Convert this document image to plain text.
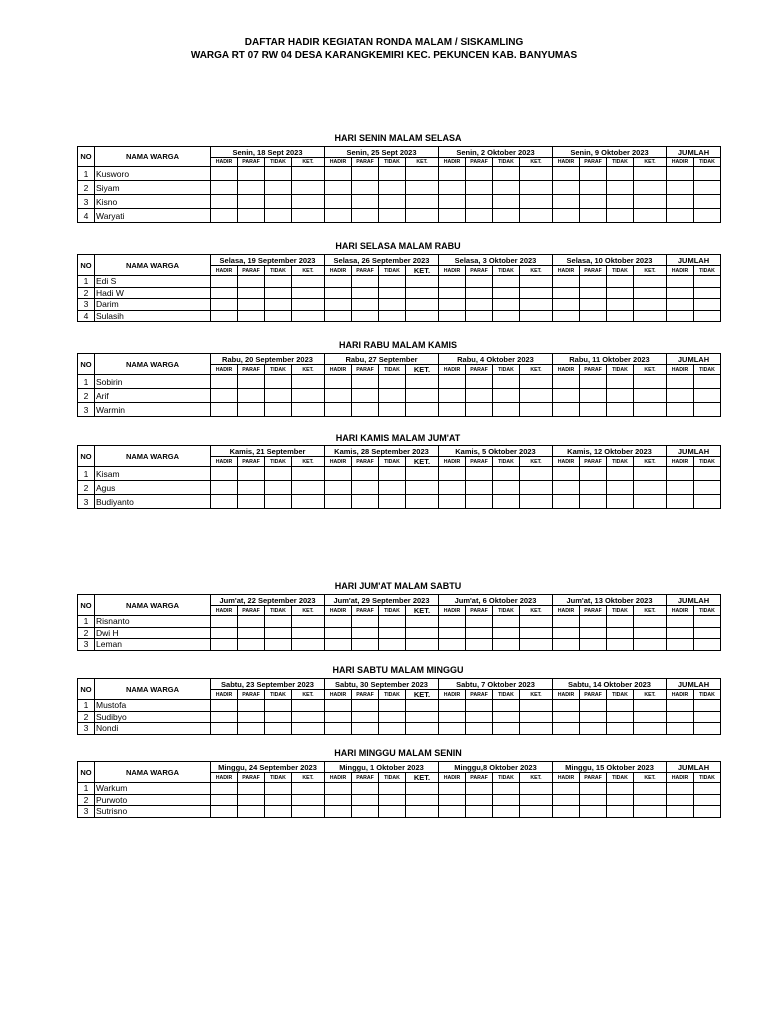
DAFTAR HADIR KEGIATAN RONDA MALAM / SISKAMLING
WARGA RT 07 RW 04 DESA KARANGKEMIRI KEC. PEKUNCEN KAB. BANYUMAS
HARI SENIN MALAM SELASA
NO	NAMA WARGA	Senin, 18 Sept 2023				Senin, 25 Sept 2023				Senin, 2 Oktober 2023				Senin, 9 Oktober 2023				JUMLAH	
		HADIR	PARAF	TIDAK	KET.	HADIR	PARAF	TIDAK	KET.	HADIR	PARAF	TIDAK	KET.	HADIR	PARAF	TIDAK	KET.	HADIR	TIDAK
1	Kusworo																		
2	Siyam																		
3	Kisno																		
4	Waryati																		
HARI SELASA MALAM RABU
NO	NAMA WARGA	Selasa, 19 September 2023				Selasa, 26 September 2023				Selasa, 3 Oktober 2023				Selasa, 10 Oktober 2023				JUMLAH	
		HADIR	PARAF	TIDAK	KET.	HADIR	PARAF	TIDAK	KET.	HADIR	PARAF	TIDAK	KET.	HADIR	PARAF	TIDAK	KET.	HADIR	TIDAK
1	Edi S																		
2	Hadi W																		
3	Darim																		
4	Sulasih																		
HARI RABU MALAM KAMIS
NO	NAMA WARGA	Rabu, 20 September 2023				Rabu, 27 September				Rabu, 4 Oktober 2023				Rabu, 11 Oktober 2023				JUMLAH	
		HADIR	PARAF	TIDAK	KET.	HADIR	PARAF	TIDAK	KET.	HADIR	PARAF	TIDAK	KET.	HADIR	PARAF	TIDAK	KET.	HADIR	TIDAK
1	Sobirin																		
2	Arif																		
3	Warmin																		
HARI KAMIS MALAM JUM'AT
NO	NAMA WARGA	Kamis, 21 September				Kamis, 28 September 2023				Kamis, 5 Oktober 2023				Kamis, 12 Oktober 2023				JUMLAH	
		HADIR	PARAF	TIDAK	KET.	HADIR	PARAF	TIDAK	KET.	HADIR	PARAF	TIDAK	KET.	HADIR	PARAF	TIDAK	KET.	HADIR	TIDAK
1	Kisam																		
2	Agus																		
3	Budiyanto																		
HARI JUM'AT MALAM SABTU
NO	NAMA WARGA	Jum'at, 22 September 2023				Jum'at, 29 September 2023				Jum'at, 6 Oktober 2023				Jum'at, 13 Oktober 2023				JUMLAH	
		HADIR	PARAF	TIDAK	KET.	HADIR	PARAF	TIDAK	KET.	HADIR	PARAF	TIDAK	KET.	HADIR	PARAF	TIDAK	KET.	HADIR	TIDAK
1	Risnanto																		
2	Dwi H																		
3	Leman																		
HARI SABTU MALAM MINGGU
NO	NAMA WARGA	Sabtu, 23 September 2023				Sabtu, 30 September 2023				Sabtu, 7 Oktober 2023				Sabtu, 14 Oktober 2023				JUMLAH	
		HADIR	PARAF	TIDAK	KET.	HADIR	PARAF	TIDAK	KET.	HADIR	PARAF	TIDAK	KET.	HADIR	PARAF	TIDAK	KET.	HADIR	TIDAK
1	Mustofa																		
2	Sudibyo																		
3	Nondi																		
HARI MINGGU MALAM SENIN
NO	NAMA WARGA	Minggu, 24 September 2023				Minggu, 1 Oktober 2023				Minggu,8 Oktober 2023				Minggu, 15 Oktober 2023				JUMLAH	
		HADIR	PARAF	TIDAK	KET.	HADIR	PARAF	TIDAK	KET.	HADIR	PARAF	TIDAK	KET.	HADIR	PARAF	TIDAK	KET.	HADIR	TIDAK
1	Warkum																		
2	Purwoto																		
3	Sutrisno																		
